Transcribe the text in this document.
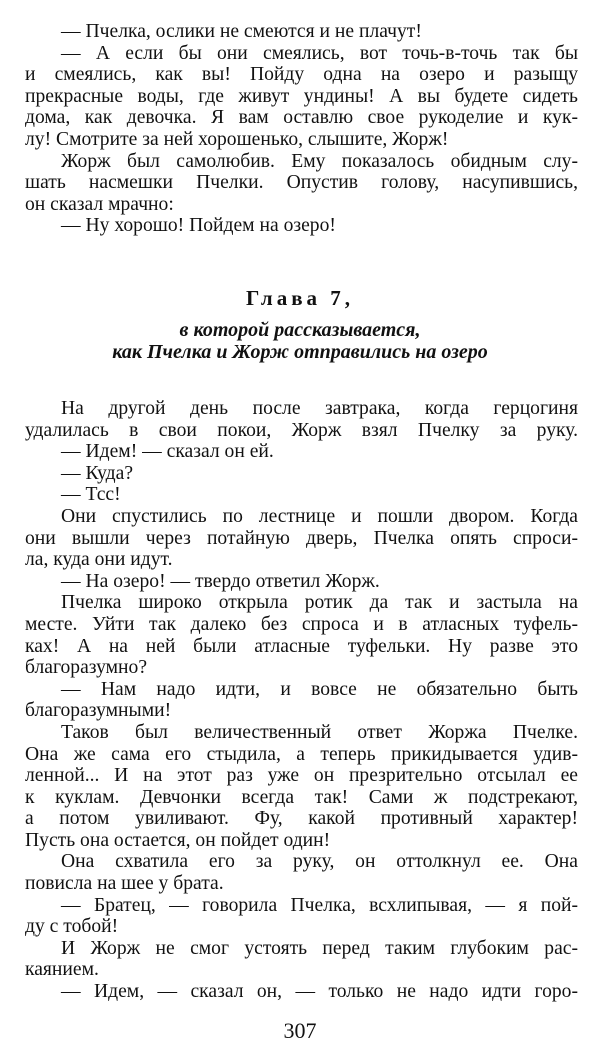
— Пчелка, ослики не смеются и не плачут!
— А если бы они смеялись, вот точь-в-точь так бы
и смеялись, как вы! Пойду одна на озеро и разыщу
прекрасные воды, где живут ундины! А вы будете сидеть
дома, как девочка. Я вам оставлю свое рукоделие и кук-
лу! Смотрите за ней хорошенько, слышите, Жорж!
Жорж был самолюбив. Ему показалось обидным слу-
шать насмешки Пчелки. Опустив голову, насупившись,
он сказал мрачно:
— Ну хорошо! Пойдем на озеро!
Глава 7,
в которой рассказывается,
как Пчелка и Жорж отправились на озеро
На другой день после завтрака, когда герцогиня
удалилась в свои покои, Жорж взял Пчелку за руку.
— Идем! — сказал он ей.
— Куда?
— Тсс!
Они спустились по лестнице и пошли двором. Когда
они вышли через потайную дверь, Пчелка опять спроси-
ла, куда они идут.
— На озеро! — твердо ответил Жорж.
Пчелка широко открыла ротик да так и застыла на
месте. Уйти так далеко без спроса и в атласных туфель-
ках! А на ней были атласные туфельки. Ну разве это
благоразумно?
— Нам надо идти, и вовсе не обязательно быть
благоразумными!
Таков был величественный ответ Жоржа Пчелке.
Она же сама его стыдила, а теперь прикидывается удив-
ленной... И на этот раз уже он презрительно отсылал ее
к куклам. Девчонки всегда так! Сами ж подстрекают,
а потом увиливают. Фу, какой противный характер!
Пусть она остается, он пойдет один!
Она схватила его за руку, он оттолкнул ее. Она
повисла на шее у брата.
— Братец, — говорила Пчелка, всхлипывая, — я пой-
ду с тобой!
И Жорж не смог устоять перед таким глубоким рас-
каянием.
— Идем, — сказал он, — только не надо идти горо-
307
